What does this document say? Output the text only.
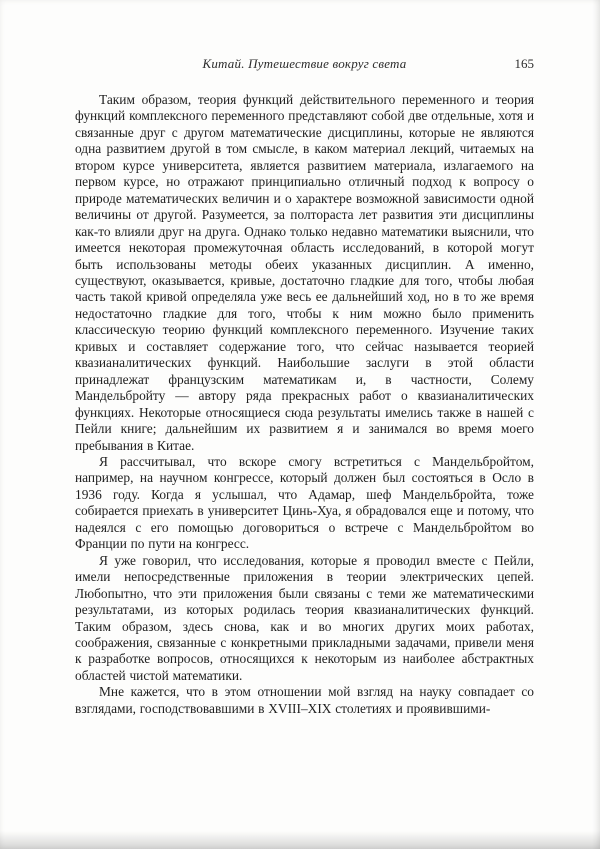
Китай. Путешествие вокруг света	165

Таким образом, теория функций действительного переменного и теория функций комплексного переменного представляют собой две отдельные, хотя и связанные друг с другом математические дисциплины, которые не являются одна развитием другой в том смысле, в каком материал лекций, читаемых на втором курсе университета, является развитием материала, излагаемого на первом курсе, но отражают принципиально отличный подход к вопросу о природе математических величин и о характере возможной зависимости одной величины от другой. Разумеется, за полтораста лет развития эти дисциплины как-то влияли друг на друга. Однако только недавно математики выяснили, что имеется некоторая промежуточная область исследований, в которой могут быть использованы методы обеих указанных дисциплин. А именно, существуют, оказывается, кривые, достаточно гладкие для того, чтобы любая часть такой кривой определяла уже весь ее дальнейший ход, но в то же время недостаточно гладкие для того, чтобы к ним можно было применить классическую теорию функций комплексного переменного. Изучение таких кривых и составляет содержание того, что сейчас называется теорией квазианалитических функций. Наибольшие заслуги в этой области принадлежат французским математикам и, в частности, Солему Мандельбройту — автору ряда прекрасных работ о квазианалитических функциях. Некоторые относящиеся сюда результаты имелись также в нашей с Пейли книге; дальнейшим их развитием я и занимался во время моего пребывания в Китае.

Я рассчитывал, что вскоре смогу встретиться с Мандельбройтом, например, на научном конгрессе, который должен был состояться в Осло в 1936 году. Когда я услышал, что Адамар, шеф Мандельбройта, тоже собирается приехать в университет Цинь-Хуа, я обрадовался еще и потому, что надеялся с его помощью договориться о встрече с Мандельбройтом во Франции по пути на конгресс.

Я уже говорил, что исследования, которые я проводил вместе с Пейли, имели непосредственные приложения в теории электрических цепей. Любопытно, что эти приложения были связаны с теми же математическими результатами, из которых родилась теория квазианалитических функций. Таким образом, здесь снова, как и во многих других моих работах, соображения, связанные с конкретными прикладными задачами, привели меня к разработке вопросов, относящихся к некоторым из наиболее абстрактных областей чистой математики.

Мне кажется, что в этом отношении мой взгляд на науку совпадает со взглядами, господствовавшими в XVIII–XIX столетиях и проявившими-
